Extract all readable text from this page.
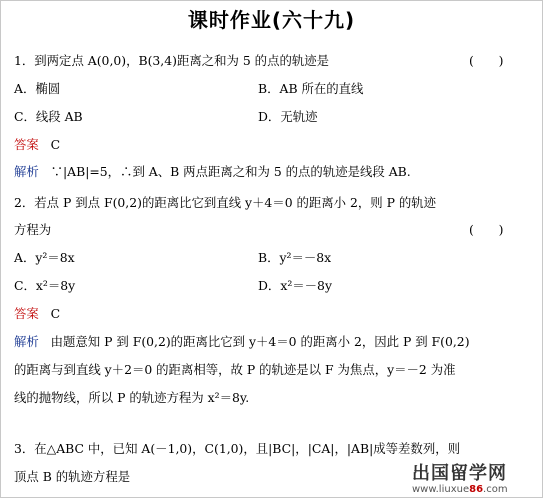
课时作业(六十九)
1．到两定点 A(0,0)，B(3,4)距离之和为 5 的点的轨迹是	(　　)
A．椭圆	B．AB 所在的直线
C．线段 AB	D．无轨迹
答案 C
解析 ∵|AB|=5，∴到 A、B 两点距离之和为 5 的点的轨迹是线段 AB.
2．若点 P 到点 F(0,2)的距离比它到直线 y＋4＝0 的距离小 2，则 P 的轨迹
方程为	(　　)
A．y²＝8x	B．y²＝－8x
C．x²＝8y	D．x²＝－8y
答案 C
解析 由题意知 P 到 F(0,2)的距离比它到 y＋4＝0 的距离小 2，因此 P 到 F(0,2)
的距离与到直线 y＋2＝0 的距离相等，故 P 的轨迹是以 F 为焦点，y＝－2 为准
线的抛物线，所以 P 的轨迹方程为 x²＝8y.
3．在△ABC 中，已知 A(－1,0)，C(1,0)，且|BC|，|CA|，|AB|成等差数列，则
顶点 B 的轨迹方程是	出国留学网
www.liuxue86.com
